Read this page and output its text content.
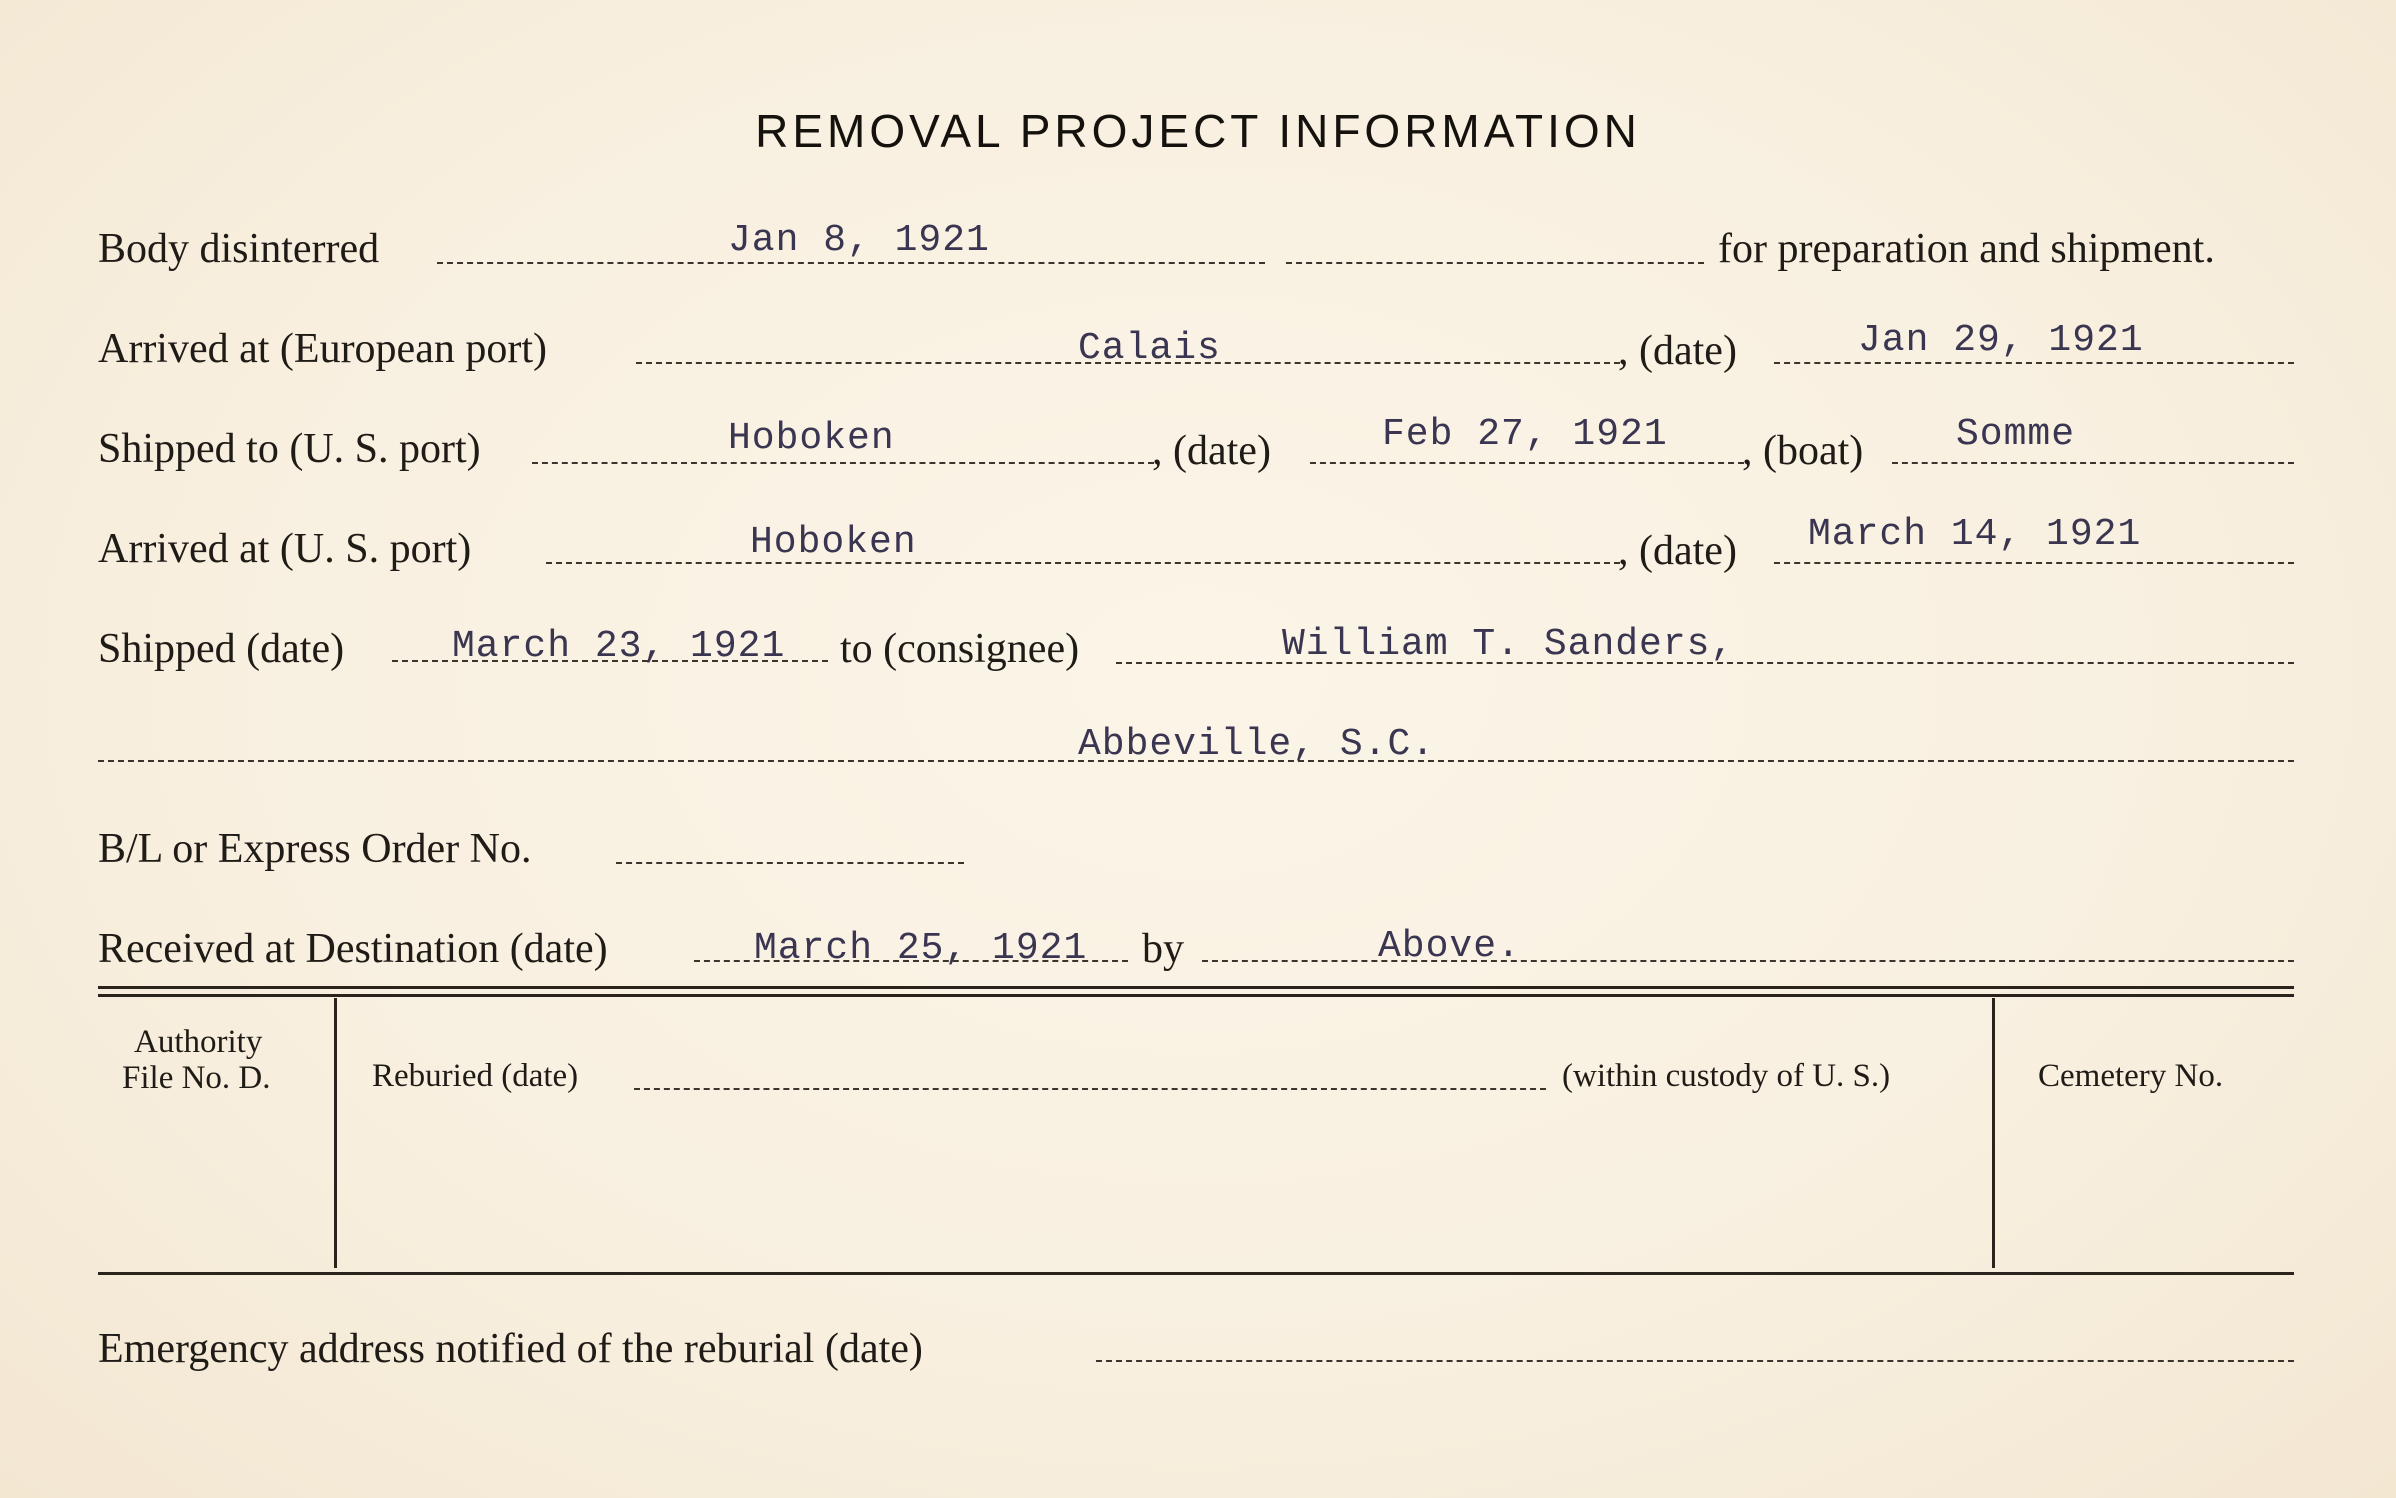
REMOVAL PROJECT INFORMATION
Body disinterred	Jan 8, 1921	for preparation and shipment.
Arrived at (European port)	Calais	, (date)	Jan 29, 1921
Shipped to (U. S. port)	Hoboken	, (date)	Feb 27, 1921 , (boat) Somme
Arrived at (U. S. port)	Hoboken	, (date) March 14, 1921
Shipped (date)	March 23, 1921 to (consignee)	William T. Sanders,
Abbeville, S.C.
B/L or Express Order No.
Received at Destination (date)	March 25, 1921 by	Above.
Authority
File No. D.	Reburied (date)	(within custody of U. S.)	Cemetery No.
Emergency address notified of the reburial (date)
